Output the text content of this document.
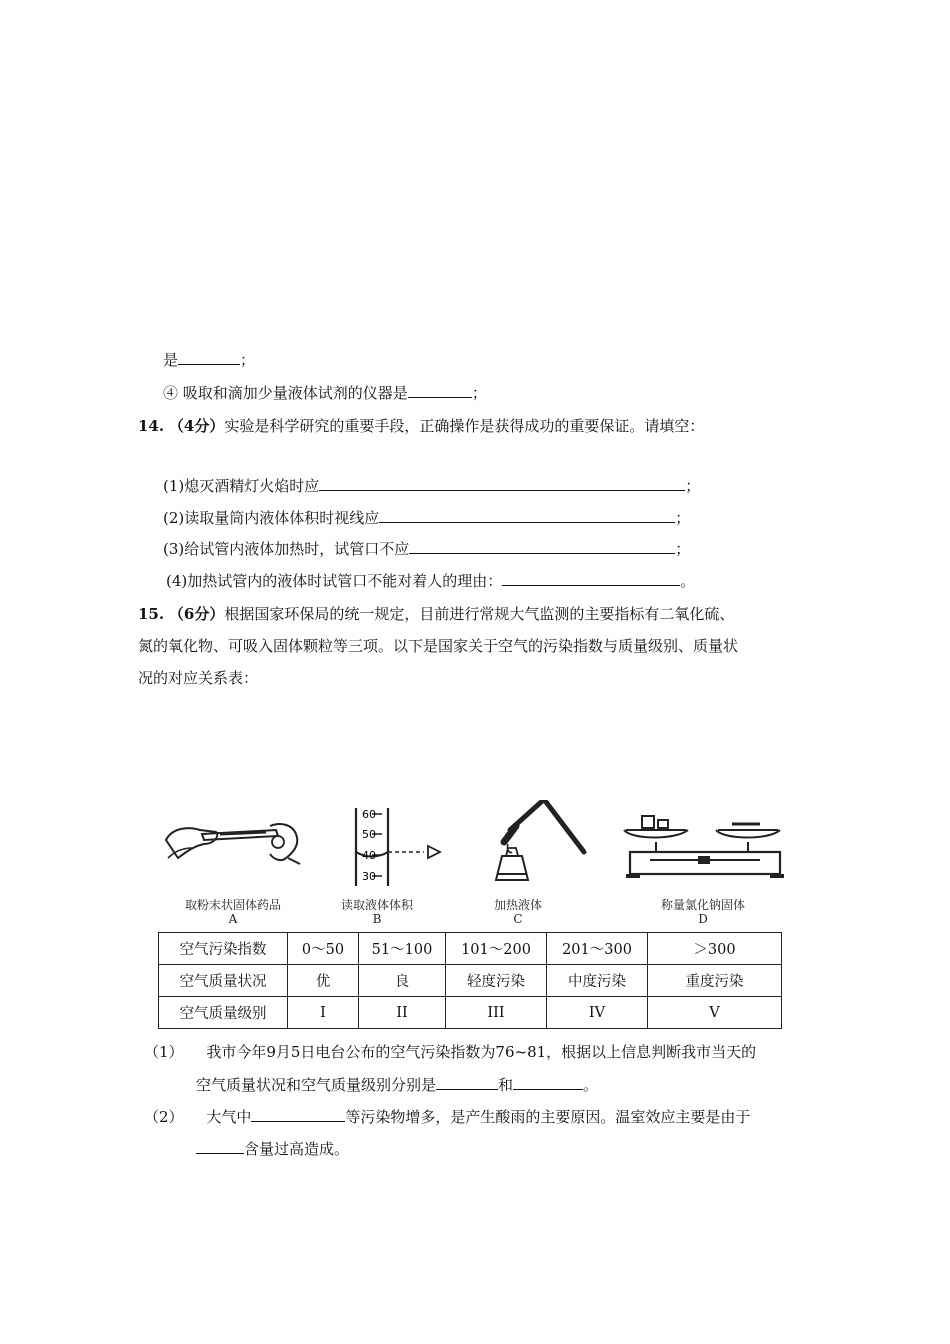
是	；
④ 吸取和滴加少量液体试剂的仪器是	；
14. （4分）实验是科学研究的重要手段，正确操作是获得成功的重要保证。请填空：
(1)熄灭酒精灯火焰时应	；
(2)读取量筒内液体体积时视线应	；
(3)给试管内液体加热时，试管口不应	；
(4)加热试管内的液体时试管口不能对着人的理由：	。
15. （6分）根据国家环保局的统一规定，目前进行常规大气监测的主要指标有二氧化硫、
氮的氧化物、可吸入固体颗粒等三项。以下是国家关于空气的污染指数与质量级别、质量状
况的对应关系表：
60
50
40
30
取粉末状固体药品
A
读取液体体积
B
加热液体
C
称量氯化钠固体
D
空气污染指数	0～50	51～100	101～200	201～300	＞300
空气质量状况	优	良	轻度污染	中度污染	重度污染
空气质量级别	I	II	III	IV	V
（1） 我市今年9月5日电台公布的空气污染指数为76~81，根据以上信息判断我市当天的
空气质量状况和空气质量级别分别是	和	。
（2） 大气中	等污染物增多，是产生酸雨的主要原因。温室效应主要是由于
含量过高造成。
